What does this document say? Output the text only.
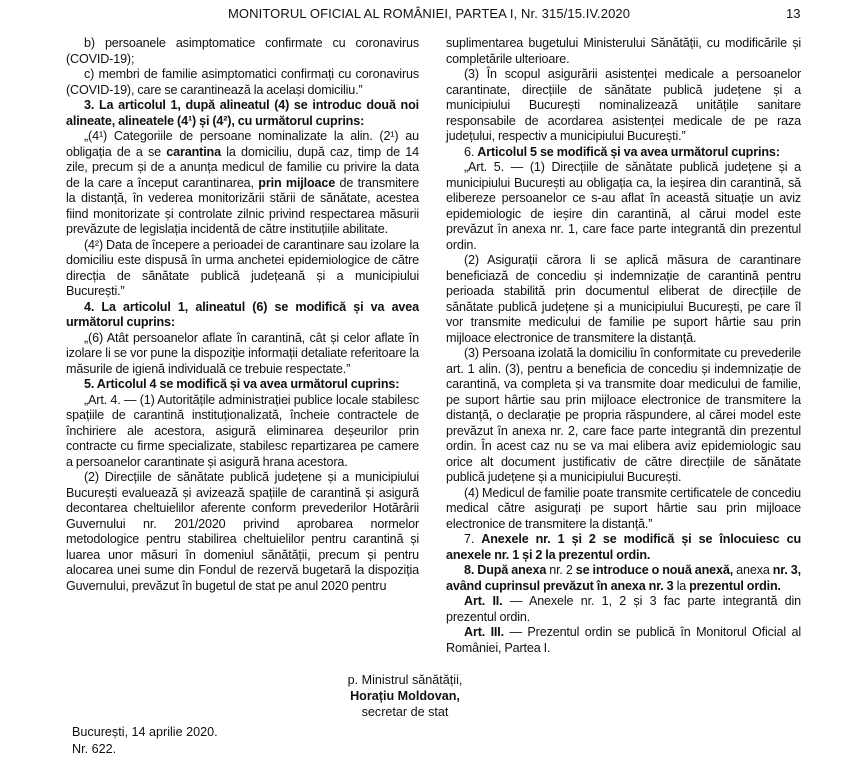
MONITORUL OFICIAL AL ROMÂNIEI, PARTEA I, Nr. 315/15.IV.2020	13

b) persoanele asimptomatice confirmate cu coronavirus (COVID-19);

c) membri de familie asimptomatici confirmați cu coronavirus (COVID-19), care se carantinează la același domiciliu.”

3. La articolul 1, după alineatul (4) se introduc două noi alineate, alineatele (4¹) și (4²), cu următorul cuprins:

„(4¹) Categoriile de persoane nominalizate la alin. (2¹) au obligația de a se carantina la domiciliu, după caz, timp de 14 zile, precum și de a anunța medicul de familie cu privire la data de la care a început carantinarea, prin mijloace de transmitere la distanță, în vederea monitorizării stării de sănătate, acestea fiind monitorizate și controlate zilnic privind respectarea măsurii prevăzute de legislația incidentă de către instituțiile abilitate.

(4²) Data de începere a perioadei de carantinare sau izolare la domiciliu este dispusă în urma anchetei epidemiologice de către direcția de sănătate publică județeană și a municipiului București.”

4. La articolul 1, alineatul (6) se modifică și va avea următorul cuprins:

„(6) Atât persoanelor aflate în carantină, cât și celor aflate în izolare li se vor pune la dispoziție informații detaliate referitoare la măsurile de igienă individuală ce trebuie respectate.”

5. Articolul 4 se modifică și va avea următorul cuprins:

„Art. 4. — (1) Autoritățile administrației publice locale stabilesc spațiile de carantină instituționalizată, încheie contractele de închiriere ale acestora, asigură eliminarea deșeurilor prin contracte cu firme specializate, stabilesc repartizarea pe camere a persoanelor carantinate și asigură hrana acestora.

(2) Direcțiile de sănătate publică județene și a municipiului București evaluează și avizează spațiile de carantină și asigură decontarea cheltuielilor aferente conform prevederilor Hotărârii Guvernului nr. 201/2020 privind aprobarea normelor metodologice pentru stabilirea cheltuielilor pentru carantină și luarea unor măsuri în domeniul sănătății, precum și pentru alocarea unei sume din Fondul de rezervă bugetară la dispoziția Guvernului, prevăzut în bugetul de stat pe anul 2020 pentru

suplimentarea bugetului Ministerului Sănătății, cu modificările și completările ulterioare.

(3) În scopul asigurării asistenței medicale a persoanelor carantinate, direcțiile de sănătate publică județene și a municipiului București nominalizează unitățile sanitare responsabile de acordarea asistenței medicale de pe raza județului, respectiv a municipiului București.”

6. Articolul 5 se modifică și va avea următorul cuprins:

„Art. 5. — (1) Direcțiile de sănătate publică județene și a municipiului București au obligația ca, la ieșirea din carantină, să elibereze persoanelor ce s-au aflat în această situație un aviz epidemiologic de ieșire din carantină, al cărui model este prevăzut în anexa nr. 1, care face parte integrantă din prezentul ordin.

(2) Asigurații cărora li se aplică măsura de carantinare beneficiază de concediu și indemnizație de carantină pentru perioada stabilită prin documentul eliberat de direcțiile de sănătate publică județene și a municipiului București, pe care îl vor transmite medicului de familie pe suport hârtie sau prin mijloace electronice de transmitere la distanță.

(3) Persoana izolată la domiciliu în conformitate cu prevederile art. 1 alin. (3), pentru a beneficia de concediu și indemnizație de carantină, va completa și va transmite doar medicului de familie, pe suport hârtie sau prin mijloace electronice de transmitere la distanță, o declarație pe propria răspundere, al cărei model este prevăzut în anexa nr. 2, care face parte integrantă din prezentul ordin. În acest caz nu se va mai elibera aviz epidemiologic sau orice alt document justificativ de către direcțiile de sănătate publică județene și a municipiului București.

(4) Medicul de familie poate transmite certificatele de concediu medical către asigurați pe suport hârtie sau prin mijloace electronice de transmitere la distanță.”

7. Anexele nr. 1 și 2 se modifică și se înlocuiesc cu anexele nr. 1 și 2 la prezentul ordin.

8. După anexa nr. 2 se introduce o nouă anexă, anexa nr. 3, având cuprinsul prevăzut în anexa nr. 3 la prezentul ordin.

Art. II. — Anexele nr. 1, 2 și 3 fac parte integrantă din prezentul ordin.

Art. III. — Prezentul ordin se publică în Monitorul Oficial al României, Partea I.

p. Ministrul sănătății,
Horațiu Moldovan,
secretar de stat
București, 14 aprilie 2020.
Nr. 622.
